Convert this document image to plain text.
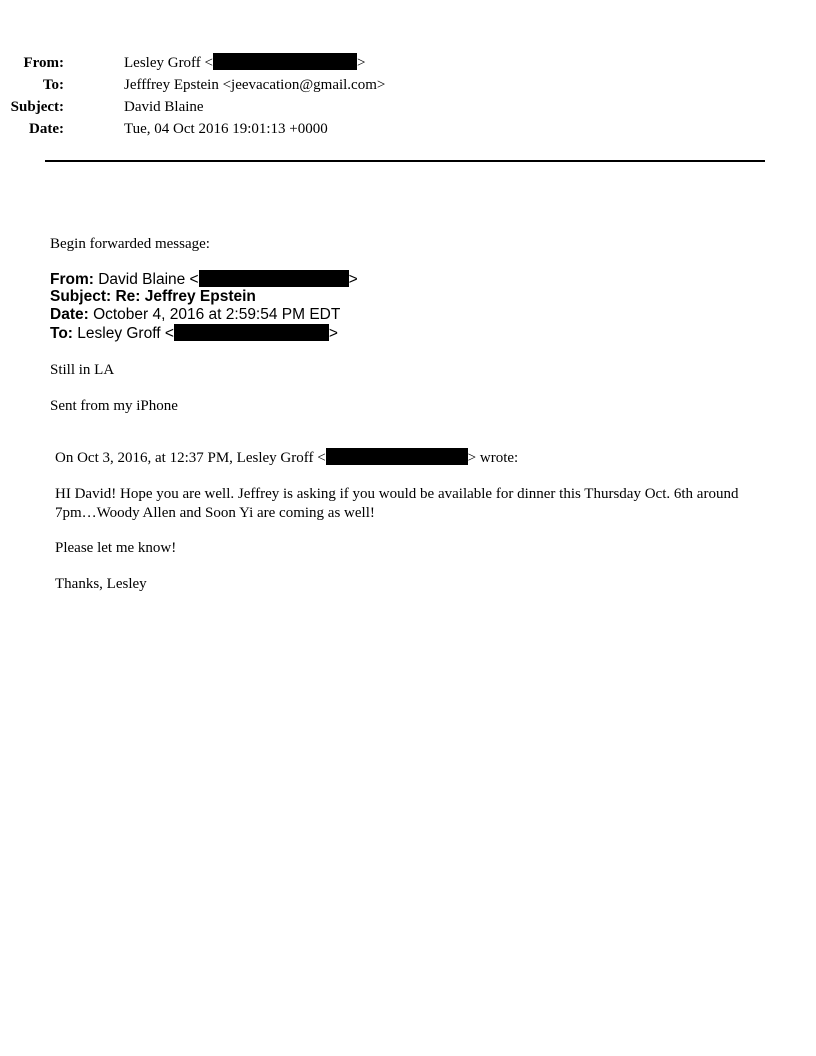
From:	Lesley Groff <	>
To:	Jefffrey Epstein <jeevacation@gmail.com>
Subject:	David Blaine
Date:	Tue, 04 Oct 2016 19:01:13 +0000
Begin forwarded message:
From: David Blaine <	>
Subject: Re: Jeffrey Epstein
Date: October 4, 2016 at 2:59:54 PM EDT
To: Lesley Groff <	>
Still in LA
Sent from my iPhone
On Oct 3, 2016, at 12:37 PM, Lesley Groff <	> wrote:
HI David! Hope you are well. Jeffrey is asking if you would be available for dinner this Thursday Oct. 6th around 7pm…Woody Allen and Soon Yi are coming as well!
Please let me know!
Thanks, Lesley
